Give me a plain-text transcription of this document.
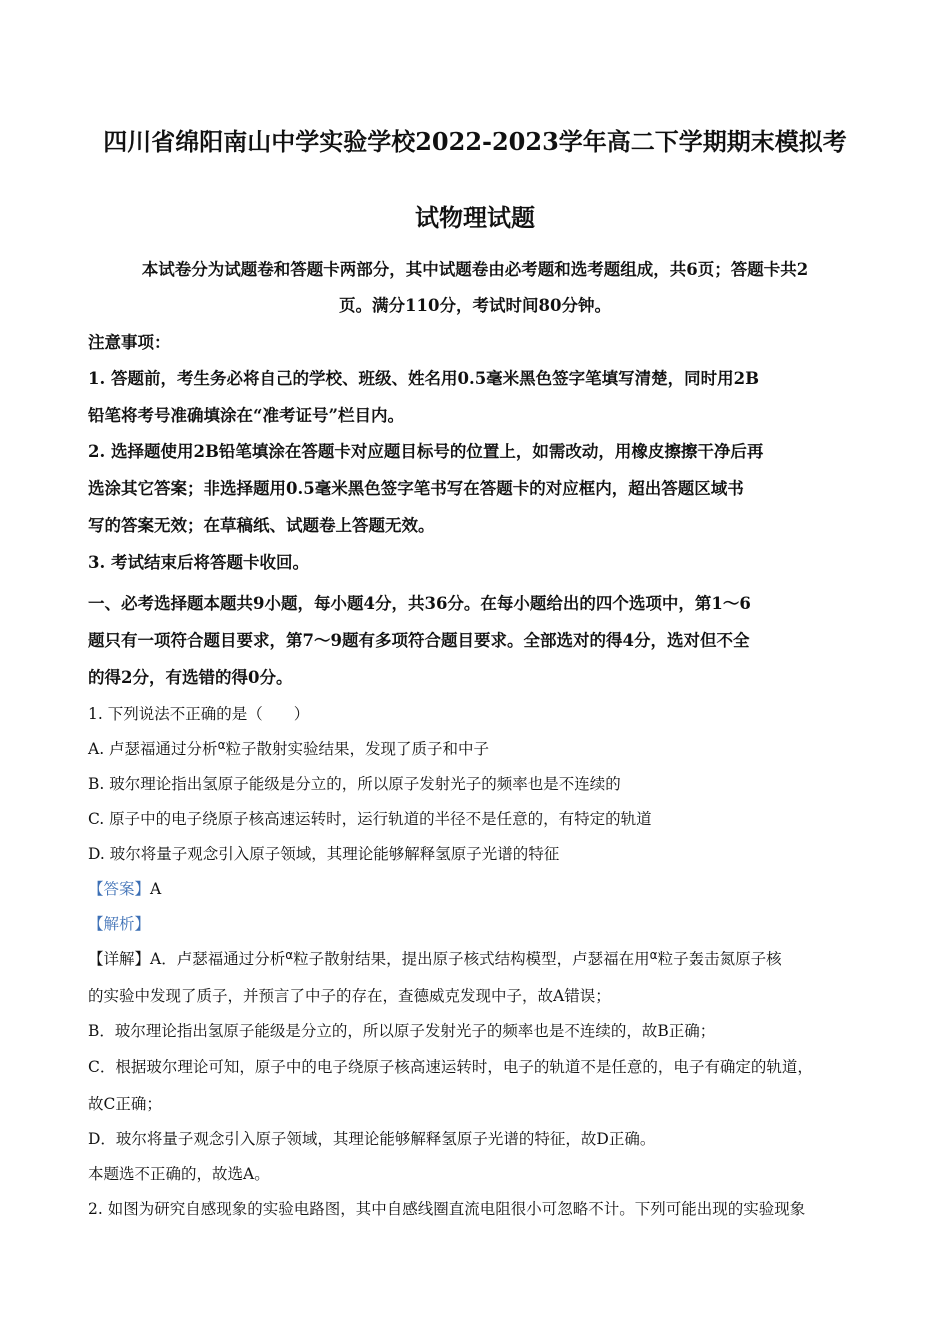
四川省绵阳南山中学实验学校2022-2023学年高二下学期期末模拟考
试物理试题
本试卷分为试题卷和答题卡两部分，其中试题卷由必考题和选考题组成，共6页；答题卡共2
页。满分110分，考试时间80分钟。
注意事项：
1. 答题前，考生务必将自己的学校、班级、姓名用0.5毫米黑色签字笔填写清楚，同时用2B
铅笔将考号准确填涂在“准考证号”栏目内。
2. 选择题使用2B铅笔填涂在答题卡对应题目标号的位置上，如需改动，用橡皮擦擦干净后再
选涂其它答案；非选择题用0.5毫米黑色签字笔书写在答题卡的对应框内，超出答题区域书
写的答案无效；在草稿纸、试题卷上答题无效。
3. 考试结束后将答题卡收回。
一、必考选择题本题共9小题，每小题4分，共36分。在每小题给出的四个选项中，第1～6
题只有一项符合题目要求，第7～9题有多项符合题目要求。全部选对的得4分，选对但不全
的得2分，有选错的得0分。
1. 下列说法不正确的是（　　）
A. 卢瑟福通过分析$^\alpha$粒子散射实验结果，发现了质子和中子
B. 玻尔理论指出氢原子能级是分立的，所以原子发射光子的频率也是不连续的
C. 原子中的电子绕原子核高速运转时，运行轨道的半径不是任意的，有特定的轨道
D. 玻尔将量子观念引入原子领域，其理论能够解释氢原子光谱的特征
【答案】A
【解析】
【详解】A．卢瑟福通过分析$^\alpha$粒子散射结果，提出原子核式结构模型，卢瑟福在用$^\alpha$粒子轰击氮原子核
的实验中发现了质子，并预言了中子的存在，查德威克发现中子，故A错误；
B．玻尔理论指出氢原子能级是分立的，所以原子发射光子的频率也是不连续的，故B正确；
C．根据玻尔理论可知，原子中的电子绕原子核高速运转时，电子的轨道不是任意的，电子有确定的轨道，
故C正确；
D．玻尔将量子观念引入原子领域，其理论能够解释氢原子光谱的特征，故D正确。
本题选不正确的，故选A。
2. 如图为研究自感现象的实验电路图，其中自感线圈直流电阻很小可忽略不计。下列可能出现的实验现象
